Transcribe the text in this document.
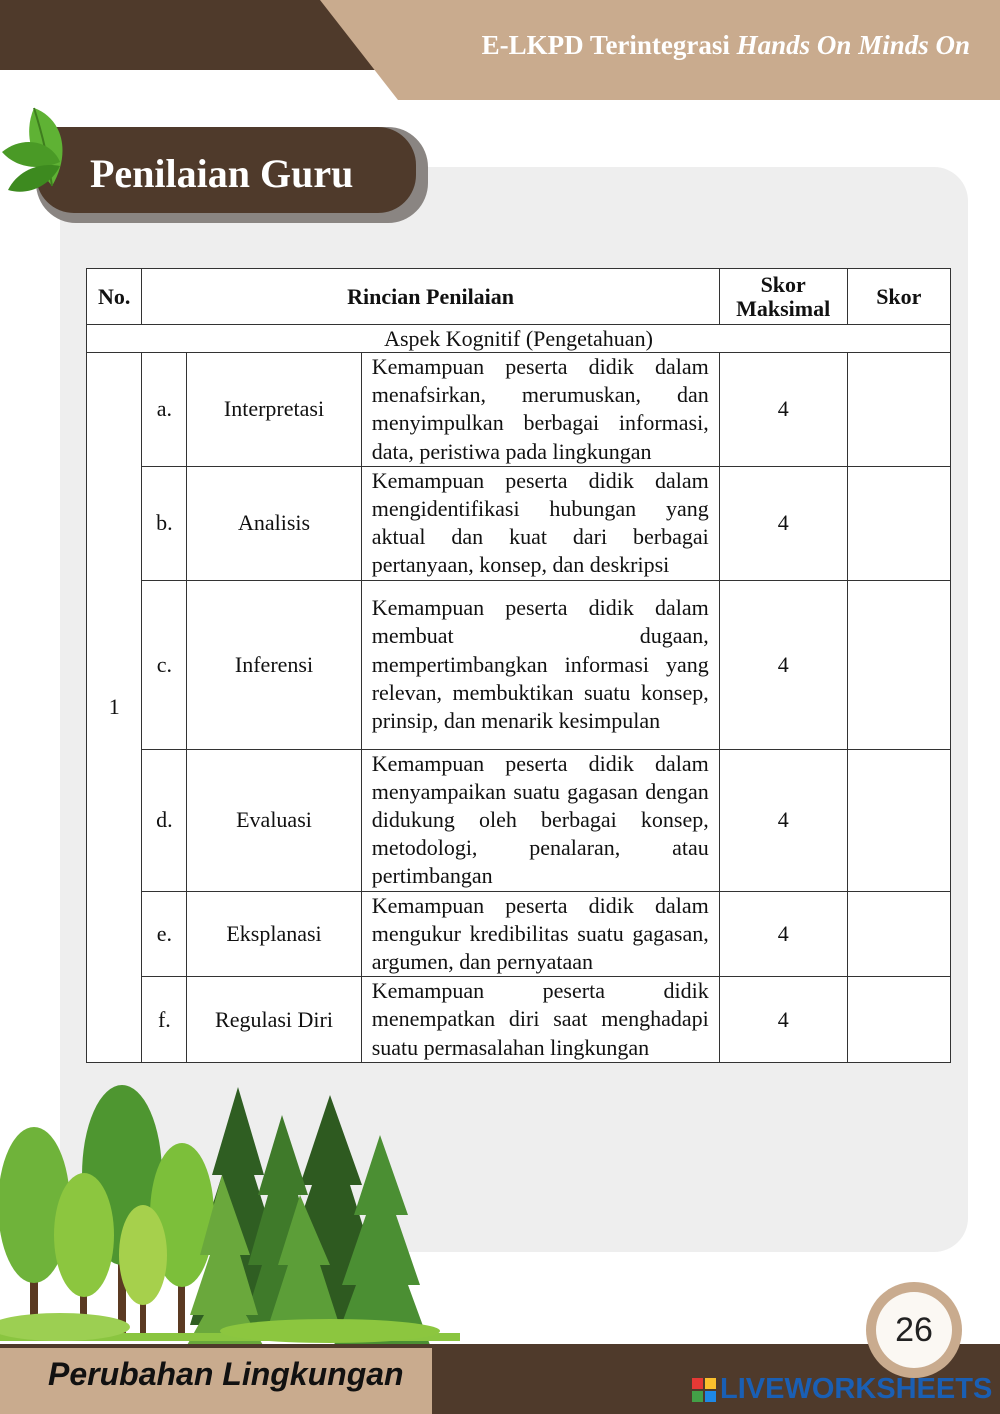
E-LKPD Terintegrasi Hands On Minds On
Penilaian Guru
No.	Rincian Penilaian			Skor Maksimal	Skor
Aspek Kognitif (Pengetahuan)					
1	a.	Interpretasi	Kemampuan peserta didik dalam menafsirkan, merumuskan, dan menyimpulkan berbagai informasi, data, peristiwa pada lingkungan	4	
	b.	Analisis	Kemampuan peserta didik dalam mengidentifikasi hubungan yang aktual dan kuat dari berbagai pertanyaan, konsep, dan deskripsi	4	
	c.	Inferensi	Kemampuan peserta didik dalam membuat dugaan, mempertimbangkan informasi yang relevan, membuktikan suatu konsep, prinsip, dan menarik kesimpulan	4	
	d.	Evaluasi	Kemampuan peserta didik dalam menyampaikan suatu gagasan dengan didukung oleh berbagai konsep, metodologi, penalaran, atau pertimbangan	4	
	e.	Eksplanasi	Kemampuan peserta didik dalam mengukur kredibilitas suatu gagasan, argumen, dan pernyataan	4	
	f.	Regulasi Diri	Kemampuan peserta didik menempatkan diri saat menghadapi suatu permasalahan lingkungan	4	
Perubahan Lingkungan
26
LIVEWORKSHEETS
